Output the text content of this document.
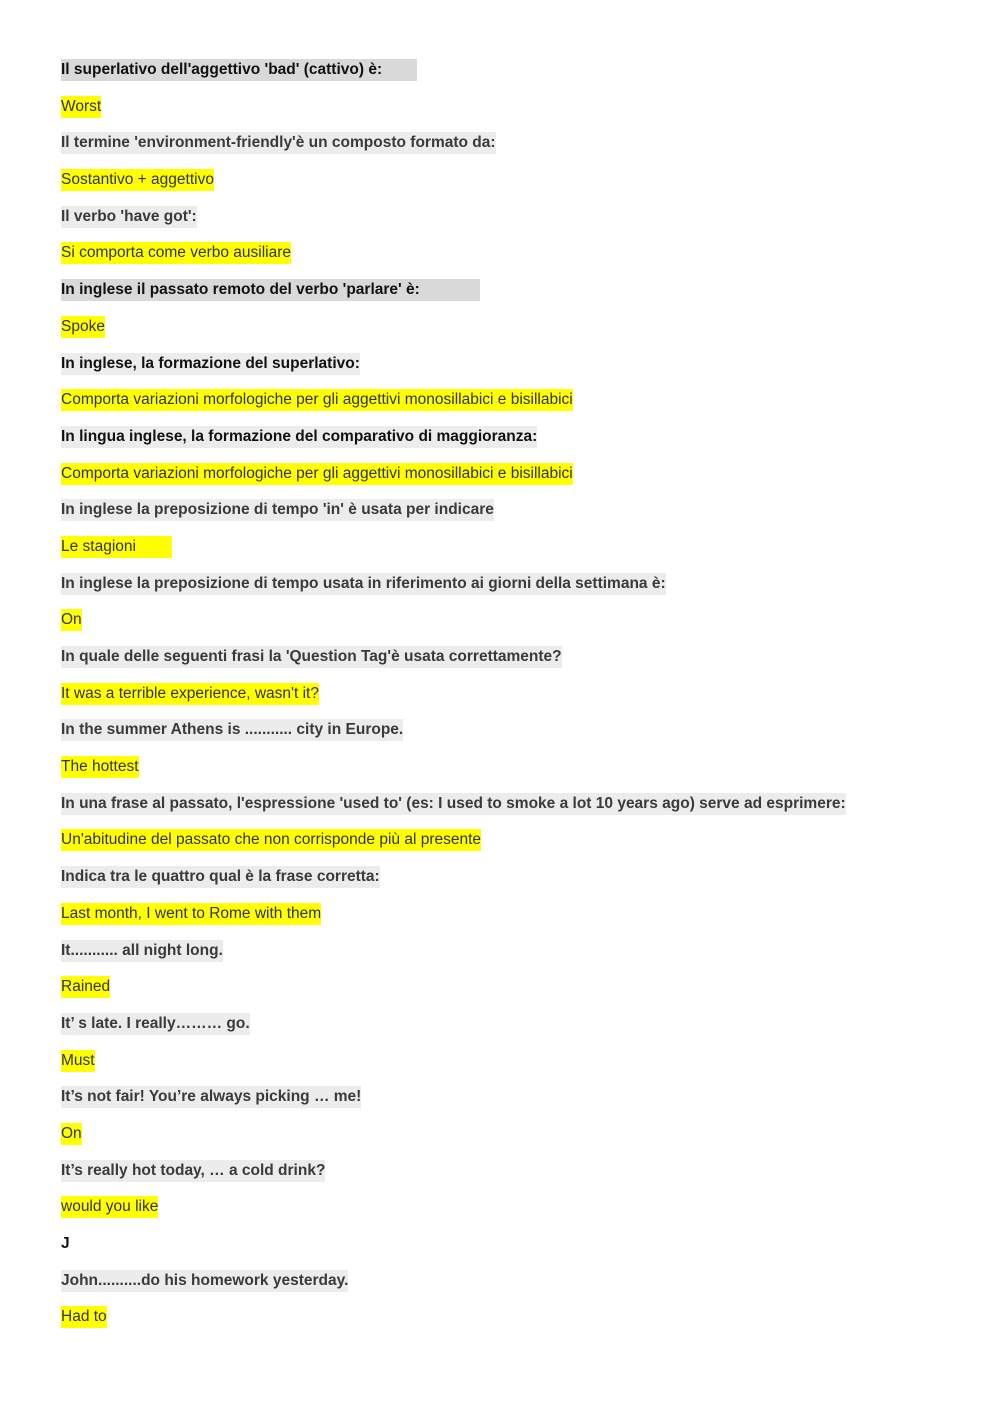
Il superlativo dell'aggettivo 'bad' (cattivo) è:
Worst
Il termine 'environment-friendly'è un composto formato da:
Sostantivo + aggettivo
Il verbo 'have got':
Si comporta come verbo ausiliare
In inglese il passato remoto del verbo 'parlare' è:
Spoke
In inglese, la formazione del superlativo:
Comporta variazioni morfologiche per gli aggettivi monosillabici e bisillabici
In lingua inglese, la formazione del comparativo di maggioranza:
Comporta variazioni morfologiche per gli aggettivi monosillabici e bisillabici
In inglese la preposizione di tempo 'in' è usata per indicare
Le stagioni
In inglese la preposizione di tempo usata in riferimento ai giorni della settimana è:
On
In quale delle seguenti frasi la 'Question Tag'è usata correttamente?
It was a terrible experience, wasn't it?
In the summer Athens is ........... city in Europe.
The hottest
In una frase al passato, l'espressione 'used to' (es: I used to smoke a lot 10 years ago) serve ad esprimere:
Un'abitudine del passato che non corrisponde più al presente
Indica tra le quattro qual è la frase corretta:
Last month, I went to Rome with them
It........... all night long.
Rained
It’ s late. I really……… go.
Must
It’s not fair! You’re always picking … me!
On
It’s really hot today, … a cold drink?
would you like
J
John..........do his homework yesterday.
Had to
